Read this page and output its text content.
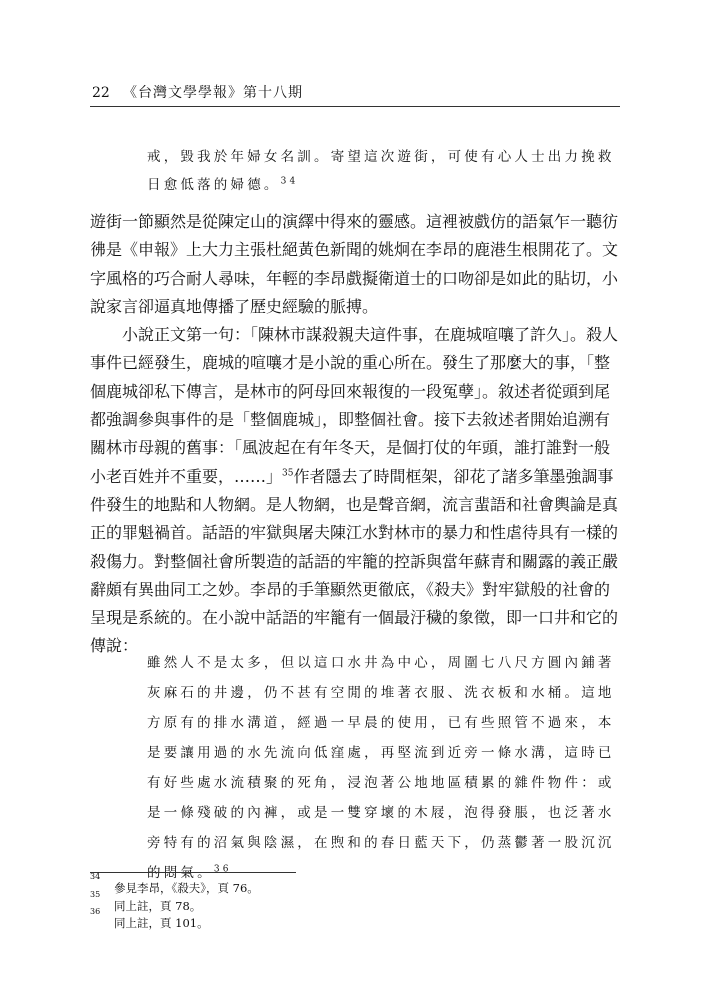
22 《台灣文學學報》第十八期
戒，毀我於年婦女名訓。寄望這次遊街，可使有心人士出力挽救日愈低落的婦德。$^{34}$

遊街一節顯然是從陳定山的演繹中得來的靈感。這裡被戲仿的語氣乍一聽彷彿是《申報》上大力主張杜絕黃色新聞的姚炯在李昂的鹿港生根開花了。文字風格的巧合耐人尋味，年輕的李昂戲擬衛道士的口吻卻是如此的貼切，小說家言卻逼真地傳播了歷史經驗的脈搏。

小說正文第一句：「陳林市謀殺親夫這件事，在鹿城喧嚷了許久」。殺人事件已經發生，鹿城的喧嚷才是小說的重心所在。發生了那麼大的事，「整個鹿城卻私下傳言，是林市的阿母回來報復的一段冤孽」。敘述者從頭到尾都強調參與事件的是「整個鹿城」，即整個社會。接下去敘述者開始追溯有關林市母親的舊事：「風波起在有年冬天，是個打仗的年頭，誰打誰對一般小老百姓并不重要，……」$^{35}$作者隱去了時間框架，卻花了諸多筆墨強調事件發生的地點和人物網。是人物網，也是聲音網，流言蜚語和社會輿論是真正的罪魁禍首。話語的牢獄與屠夫陳江水對林市的暴力和性虐待具有一樣的殺傷力。對整個社會所製造的話語的牢籠的控訴與當年蘇青和關露的義正嚴辭頗有異曲同工之妙。李昂的手筆顯然更徹底，《殺夫》對牢獄般的社會的呈現是系統的。在小說中話語的牢籠有一個最汙穢的象徵，即一口井和它的傳說：

雖然人不是太多，但以這口水井為中心，周圍七八尺方圓內鋪著灰麻石的井邊，仍不甚有空閒的堆著衣服、洗衣板和水桶。這地方原有的排水溝道，經過一早晨的使用，已有些照管不過來，本是要讓用過的水先流向低窪處，再堅流到近旁一條水溝，這時已有好些處水流積聚的死角，浸泡著公地地區積累的雜件物件：或是一條殘破的內褲，或是一雙穿壞的木屐，泡得發脹，也泛著水旁特有的沼氣與陰濕，在煦和的春日藍天下，仍蒸鬱著一股沉沉的悶氣。$^{36}$
34
參見李昂，《殺夫》，頁 76。
35
同上註，頁 78。
36
同上註，頁 101。
